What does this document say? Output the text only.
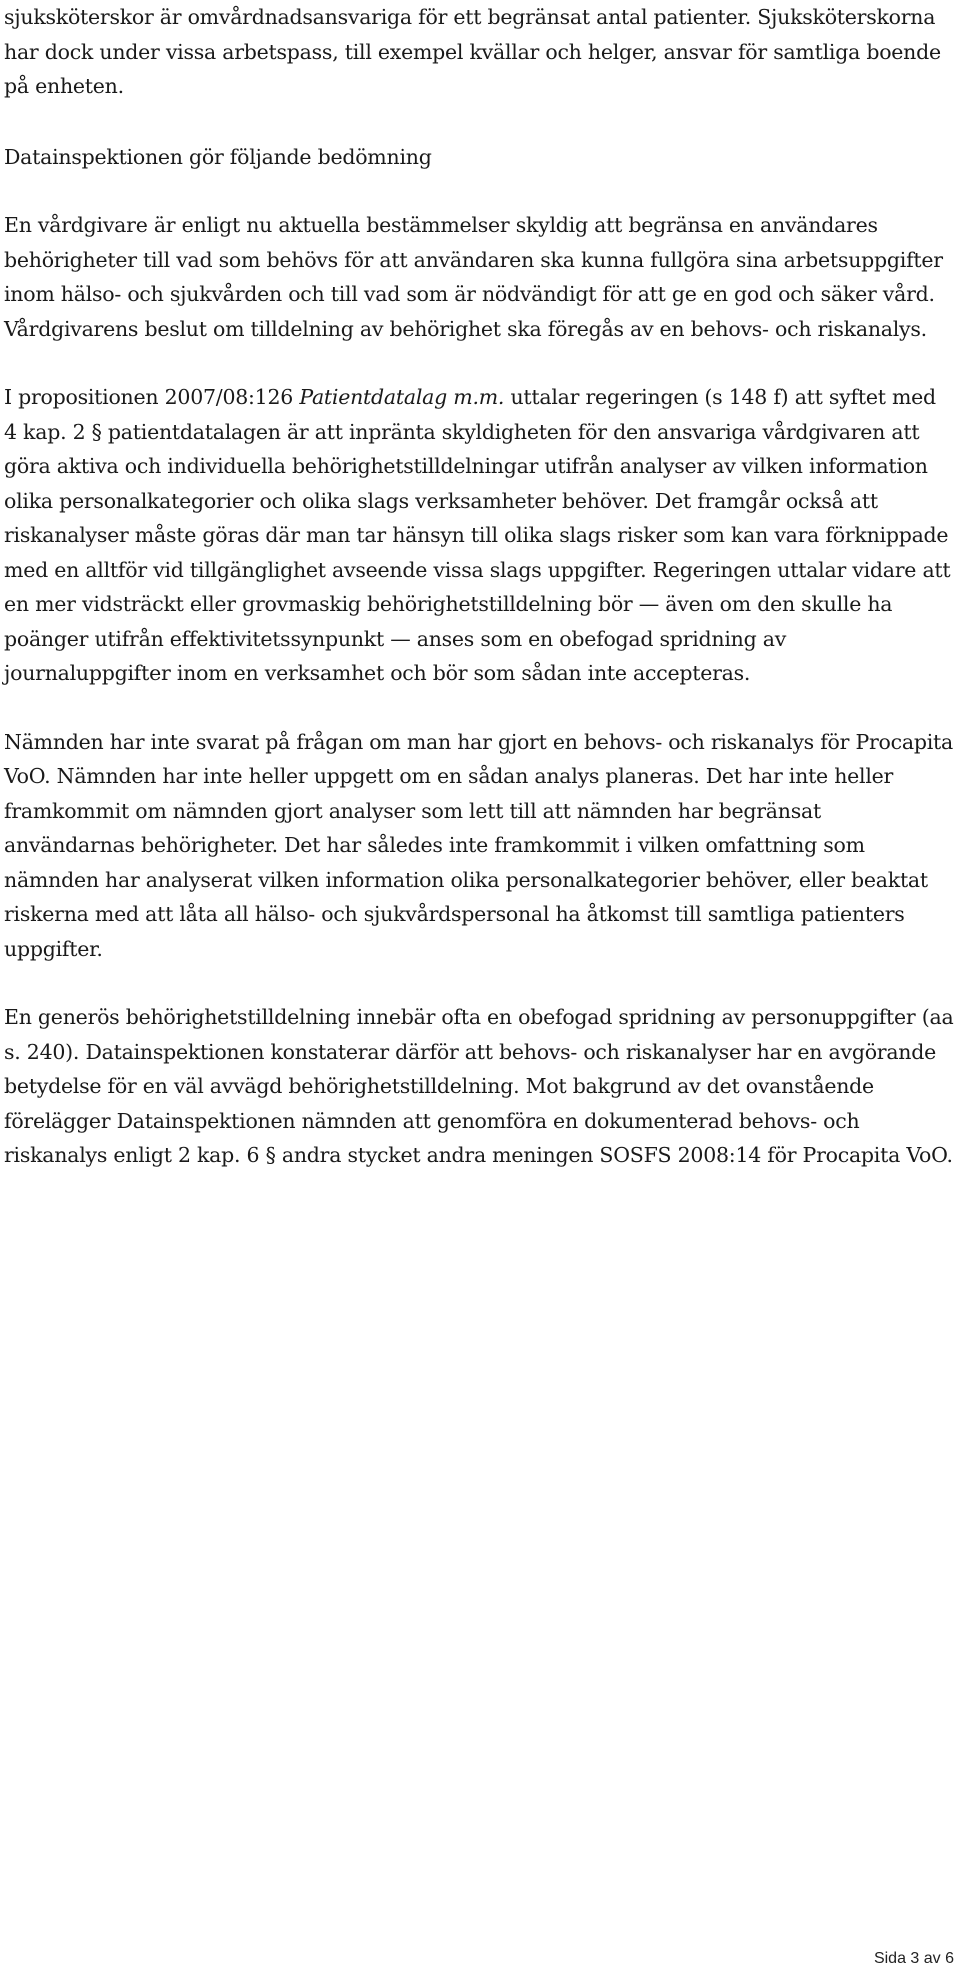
sjuksköterskor är omvårdnadsansvariga för ett begränsat antal patienter. Sjuksköterskorna har dock under vissa arbetspass, till exempel kvällar och helger, ansvar för samtliga boende på enheten.

Datainspektionen gör följande bedömning

En vårdgivare är enligt nu aktuella bestämmelser skyldig att begränsa en användares behörigheter till vad som behövs för att användaren ska kunna fullgöra sina arbetsuppgifter inom hälso- och sjukvården och till vad som är nödvändigt för att ge en god och säker vård. Vårdgivarens beslut om tilldelning av behörighet ska föregås av en behovs- och riskanalys.

I propositionen 2007/08:126 Patientdatalag m.m. uttalar regeringen (s 148 f) att syftet med 4 kap. 2 § patientdatalagen är att inpränta skyldigheten för den ansvariga vårdgivaren att göra aktiva och individuella behörighetstilldelningar utifrån analyser av vilken information olika personalkategorier och olika slags verksamheter behöver. Det framgår också att riskanalyser måste göras där man tar hänsyn till olika slags risker som kan vara förknippade med en alltför vid tillgänglighet avseende vissa slags uppgifter. Regeringen uttalar vidare att en mer vidsträckt eller grovmaskig behörighetstilldelning bör — även om den skulle ha poänger utifrån effektivitetssynpunkt — anses som en obefogad spridning av journaluppgifter inom en verksamhet och bör som sådan inte accepteras.

Nämnden har inte svarat på frågan om man har gjort en behovs- och riskanalys för Procapita VoO. Nämnden har inte heller uppgett om en sådan analys planeras. Det har inte heller framkommit om nämnden gjort analyser som lett till att nämnden har begränsat användarnas behörigheter. Det har således inte framkommit i vilken omfattning som nämnden har analyserat vilken information olika personalkategorier behöver, eller beaktat riskerna med att låta all hälso- och sjukvårdspersonal ha åtkomst till samtliga patienters uppgifter.

En generös behörighetstilldelning innebär ofta en obefogad spridning av personuppgifter (aa s. 240). Datainspektionen konstaterar därför att behovs- och riskanalyser har en avgörande betydelse för en väl avvägd behörighetstilldelning. Mot bakgrund av det ovanstående förelägger Datainspektionen nämnden att genomföra en dokumenterad behovs- och riskanalys enligt 2 kap. 6 § andra stycket andra meningen SOSFS 2008:14 för Procapita VoO.

Sida 3 av 6
